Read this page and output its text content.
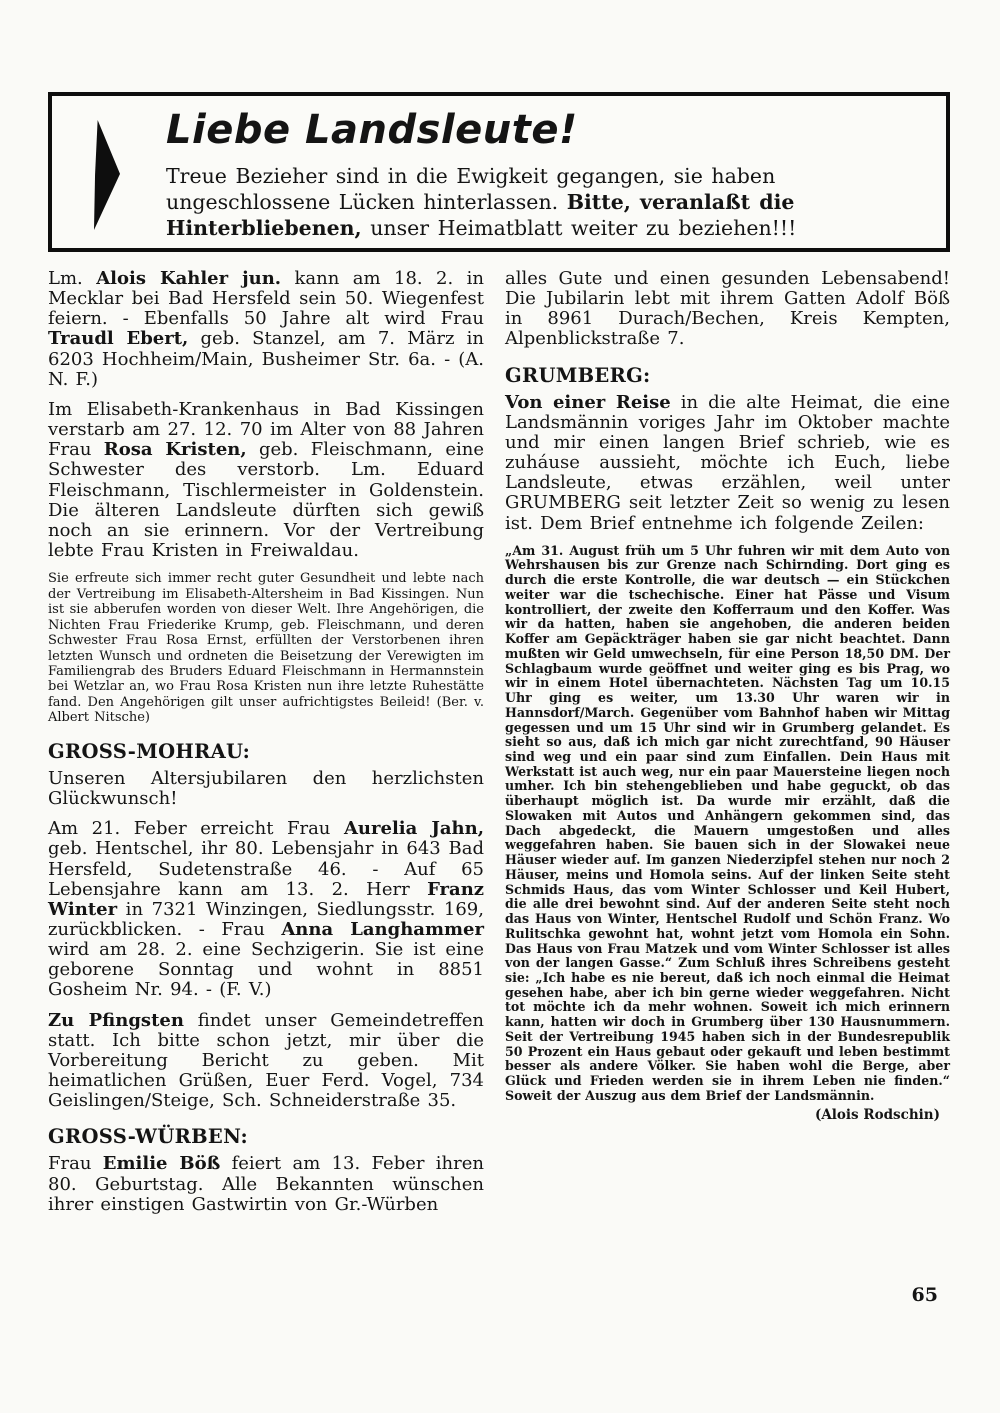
Liebe Landsleute!

Treue Bezieher sind in die Ewigkeit gegangen, sie haben ungeschlossene Lücken hinterlassen. Bitte, veranlaßt die Hinterbliebenen, unser Heimatblatt weiter zu beziehen!!!

Lm. Alois Kahler jun. kann am 18. 2. in Mecklar bei Bad Hersfeld sein 50. Wiegenfest feiern. - Ebenfalls 50 Jahre alt wird Frau Traudl Ebert, geb. Stanzel, am 7. März in 6203 Hochheim/Main, Busheimer Str. 6a. - (A. N. F.)

Im Elisabeth-Krankenhaus in Bad Kissingen verstarb am 27. 12. 70 im Alter von 88 Jahren Frau Rosa Kristen, geb. Fleischmann, eine Schwester des verstorb. Lm. Eduard Fleischmann, Tischlermeister in Goldenstein. Die älteren Landsleute dürften sich gewiß noch an sie erinnern. Vor der Vertreibung lebte Frau Kristen in Freiwaldau.

Sie erfreute sich immer recht guter Gesundheit und lebte nach der Vertreibung im Elisabeth-Altersheim in Bad Kissingen. Nun ist sie abberufen worden von dieser Welt. Ihre Angehörigen, die Nichten Frau Friederike Krump, geb. Fleischmann, und deren Schwester Frau Rosa Ernst, erfüllten der Verstorbenen ihren letzten Wunsch und ordneten die Beisetzung der Verewigten im Familiengrab des Bruders Eduard Fleischmann in Hermannstein bei Wetzlar an, wo Frau Rosa Kristen nun ihre letzte Ruhestätte fand. Den Angehörigen gilt unser aufrichtigstes Beileid! (Ber. v. Albert Nitsche)

GROSS-MOHRAU:

Unseren Altersjubilaren den herzlichsten Glückwunsch!

Am 21. Feber erreicht Frau Aurelia Jahn, geb. Hentschel, ihr 80. Lebensjahr in 643 Bad Hersfeld, Sudetenstraße 46. - Auf 65 Lebensjahre kann am 13. 2. Herr Franz Winter in 7321 Winzingen, Siedlungsstr. 169, zurückblicken. - Frau Anna Langhammer wird am 28. 2. eine Sechzigerin. Sie ist eine geborene Sonntag und wohnt in 8851 Gosheim Nr. 94. - (F. V.)

Zu Pfingsten findet unser Gemeindetreffen statt. Ich bitte schon jetzt, mir über die Vorbereitung Bericht zu geben. Mit heimatlichen Grüßen, Euer Ferd. Vogel, 734 Geislingen/Steige, Sch. Schneiderstraße 35.

GROSS-WÜRBEN:

Frau Emilie Böß feiert am 13. Feber ihren 80. Geburtstag. Alle Bekannten wünschen ihrer einstigen Gastwirtin von Gr.-Würben

alles Gute und einen gesunden Lebensabend! Die Jubilarin lebt mit ihrem Gatten Adolf Böß in 8961 Durach/Bechen, Kreis Kempten, Alpenblickstraße 7.

GRUMBERG:

Von einer Reise in die alte Heimat, die eine Landsmännin voriges Jahr im Oktober machte und mir einen langen Brief schrieb, wie es zuháuse aussieht, möchte ich Euch, liebe Landsleute, etwas erzählen, weil unter GRUMBERG seit letzter Zeit so wenig zu lesen ist. Dem Brief entnehme ich folgende Zeilen:

„Am 31. August früh um 5 Uhr fuhren wir mit dem Auto von Wehrshausen bis zur Grenze nach Schirnding. Dort ging es durch die erste Kontrolle, die war deutsch — ein Stückchen weiter war die tschechische. Einer hat Pässe und Visum kontrolliert, der zweite den Kofferraum und den Koffer. Was wir da hatten, haben sie angehoben, die anderen beiden Koffer am Gepäckträger haben sie gar nicht beachtet. Dann mußten wir Geld umwechseln, für eine Person 18,50 DM. Der Schlagbaum wurde geöffnet und weiter ging es bis Prag, wo wir in einem Hotel übernachteten. Nächsten Tag um 10.15 Uhr ging es weiter, um 13.30 Uhr waren wir in Hannsdorf/March. Gegenüber vom Bahnhof haben wir Mittag gegessen und um 15 Uhr sind wir in Grumberg gelandet. Es sieht so aus, daß ich mich gar nicht zurechtfand, 90 Häuser sind weg und ein paar sind zum Einfallen. Dein Haus mit Werkstatt ist auch weg, nur ein paar Mauersteine liegen noch umher. Ich bin stehengeblieben und habe geguckt, ob das überhaupt möglich ist. Da wurde mir erzählt, daß die Slowaken mit Autos und Anhängern gekommen sind, das Dach abgedeckt, die Mauern umgestoßen und alles weggefahren haben. Sie bauen sich in der Slowakei neue Häuser wieder auf. Im ganzen Niederzipfel stehen nur noch 2 Häuser, meins und Homola seins. Auf der linken Seite steht Schmids Haus, das vom Winter Schlosser und Keil Hubert, die alle drei bewohnt sind. Auf der anderen Seite steht noch das Haus von Winter, Hentschel Rudolf und Schön Franz. Wo Rulitschka gewohnt hat, wohnt jetzt vom Homola ein Sohn. Das Haus von Frau Matzek und vom Winter Schlosser ist alles von der langen Gasse.“ Zum Schluß ihres Schreibens gesteht sie: „Ich habe es nie bereut, daß ich noch einmal die Heimat gesehen habe, aber ich bin gerne wieder weggefahren. Nicht tot möchte ich da mehr wohnen. Soweit ich mich erinnern kann, hatten wir doch in Grumberg über 130 Hausnummern. Seit der Vertreibung 1945 haben sich in der Bundesrepublik 50 Prozent ein Haus gebaut oder gekauft und leben bestimmt besser als andere Völker. Sie haben wohl die Berge, aber Glück und Frieden werden sie in ihrem Leben nie finden.“ Soweit der Auszug aus dem Brief der Landsmännin.

(Alois Rodschin)

65
